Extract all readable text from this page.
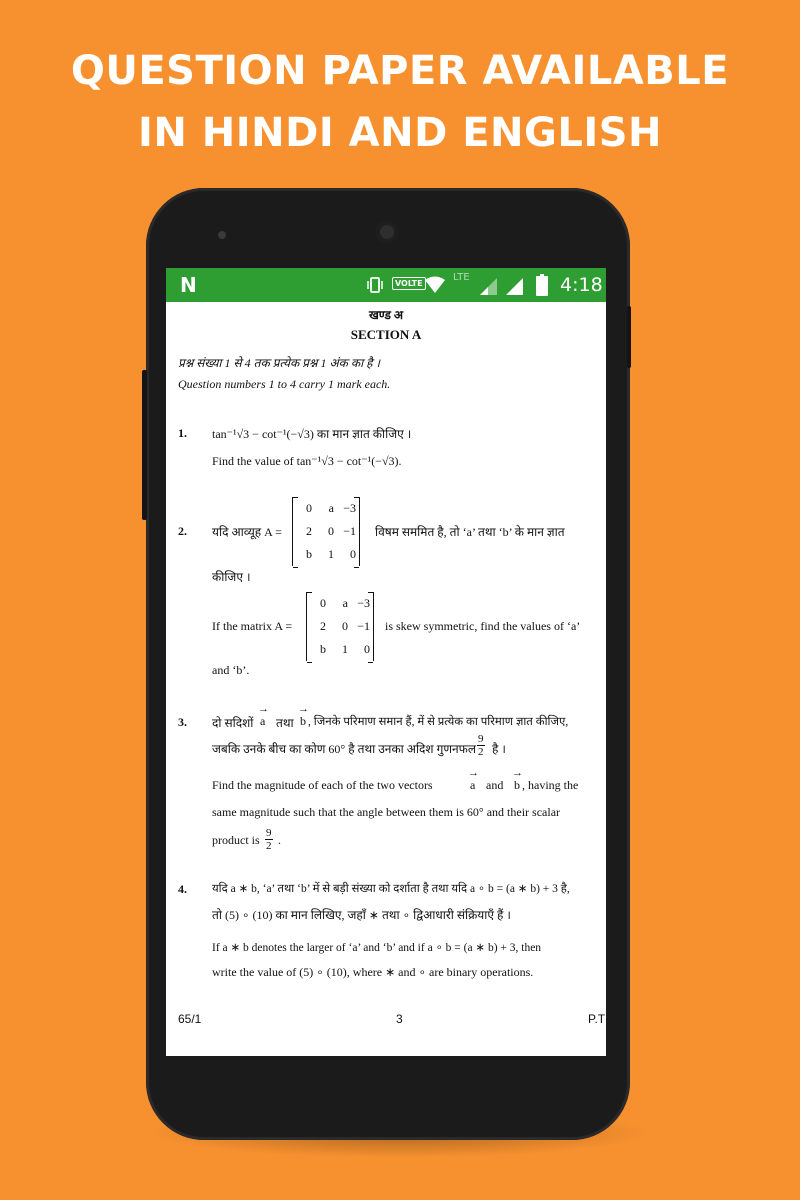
QUESTION PAPER AVAILABLE
IN HINDI AND ENGLISH
N	VOLTE
LTE	4:18
खण्ड अ
SECTION A
प्रश्न संख्या 1 से 4 तक प्रत्येक प्रश्न 1 अंक का है ।
Question numbers 1 to 4 carry 1 mark each.
1. tan⁻¹√3 − cot⁻¹(−√3) का मान ज्ञात कीजिए ।
Find the value of tan⁻¹√3 − cot⁻¹(−√3).
2. यदि आव्यूह A =
0	a	−3
2	0	−1
b	1	0
विषम सममित है, तो ‘a’ तथा ‘b’ के मान ज्ञात
कीजिए ।
If the matrix A =
0	a	−3
2	0	−1
b	1	0
is skew symmetric, find the values of ‘a’
and ‘b’.
3. दो सदिशों
→
a तथा
→
b , जिनके परिमाण समान हैं, में से प्रत्येक का परिमाण ज्ञात कीजिए,
जबकि उनके बीच का कोण 60° है तथा उनका अदिश गुणनफल $\frac{9}{2}$ है ।
Find the magnitude of each of the two vectors
→
a and
→
b , having the
same magnitude such that the angle between them is 60° and their scalar
product is $\frac{9}{2}$ .
4. यदि a ∗ b, ‘a’ तथा ‘b’ में से बड़ी संख्या को दर्शाता है तथा यदि a ∘ b = (a ∗ b) + 3 है,
तो (5) ∘ (10) का मान लिखिए, जहाँ ∗ तथा ∘ द्विआधारी संक्रियाएँ हैं ।
If a ∗ b denotes the larger of ‘a’ and ‘b’ and if a ∘ b = (a ∗ b) + 3, then
write the value of (5) ∘ (10), where ∗ and ∘ are binary operations.
65/1	3	P.T
